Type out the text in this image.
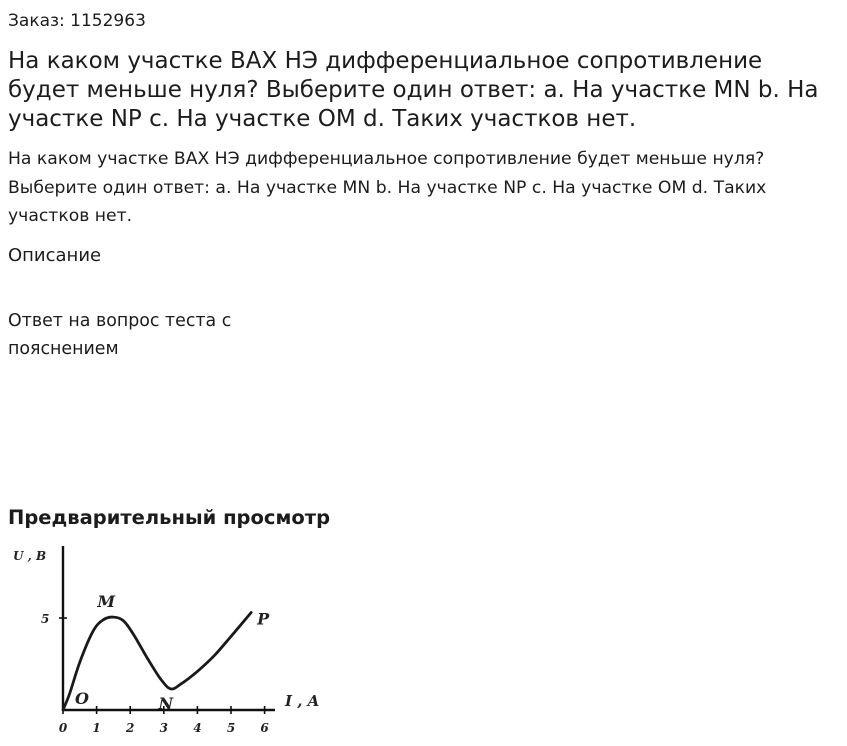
Заказ: 1152963
На каком участке ВАХ НЭ дифференциальное сопротивление будет меньше нуля? Выберите один ответ: a. На участке MN b. На участке NP c. На участке OM d. Таких участков нет.

На каком участке ВАХ НЭ дифференциальное сопротивление будет меньше нуля? Выберите один ответ: a. На участке MN b. На участке NP c. На участке OM d. Таких участков нет.

Описание

Ответ на вопрос теста с пояснением

Предварительный просмотр
U , B
I , A
0 1 2 3 4 5 6
5
O
M
N
P
